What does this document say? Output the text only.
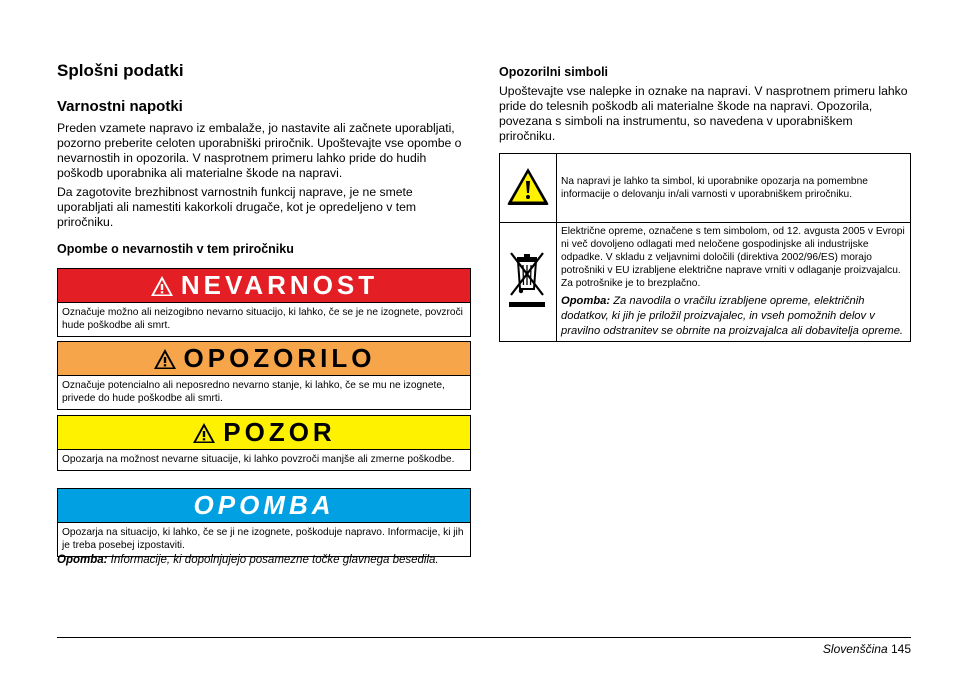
Splošni podatki
Varnostni napotki

Preden vzamete napravo iz embalaže, jo nastavite ali začnete uporabljati, pozorno preberite celoten uporabniški priročnik. Upoštevajte vse opombe o nevarnostih in opozorila. V nasprotnem primeru lahko pride do hudih poškodb uporabnika ali materialne škode na napravi.

Da zagotovite brezhibnost varnostnih funkcij naprave, je ne smete uporabljati ali namestiti kakorkoli drugače, kot je opredeljeno v tem priročniku.

Opombe o nevarnostih v tem priročniku
NEVARNOST
Označuje možno ali neizogibno nevarno situacijo, ki lahko, če se je ne izognete, povzroči hude poškodbe ali smrt.
OPOZORILO
Označuje potencialno ali neposredno nevarno stanje, ki lahko, če se mu ne izognete, privede do hude poškodbe ali smrti.
POZOR
Opozarja na možnost nevarne situacije, ki lahko povzroči manjše ali zmerne poškodbe.
OPOMBA
Opozarja na situacijo, ki lahko, če se ji ne izognete, poškoduje napravo. Informacije, ki jih je treba posebej izpostaviti.

Opomba: Informacije, ki dopolnjujejo posamezne točke glavnega besedila.

Opozorilni simboli

Upoštevajte vse nalepke in oznake na napravi. V nasprotnem primeru lahko pride do telesnih poškodb ali materialne škode na napravi. Opozorila, povezana s simboli na instrumentu, so navedena v uporabniškem priročniku.

	Na napravi je lahko ta simbol, ki uporabnike opozarja na pomembne informacije o delovanju in/ali varnosti v uporabniškem priročniku.

Električne opreme, označene s tem simbolom, od 12. avgusta 2005 v Evropi ni več dovoljeno odlagati med neločene gospodinjske ali industrijske odpadke. V skladu z veljavnimi določili (direktiva 2002/96/ES) morajo potrošniki v EU izrabljene električne naprave vrniti v odlaganje proizvajalcu. Za potrošnike je to brezplačno.
Opomba: Za navodila o vračilu izrabljene opreme, električnih dodatkov, ki jih je priložil proizvajalec, in vseh pomožnih delov v pravilno odstranitev se obrnite na proizvajalca ali dobavitelja opreme.
Slovenščina 145
